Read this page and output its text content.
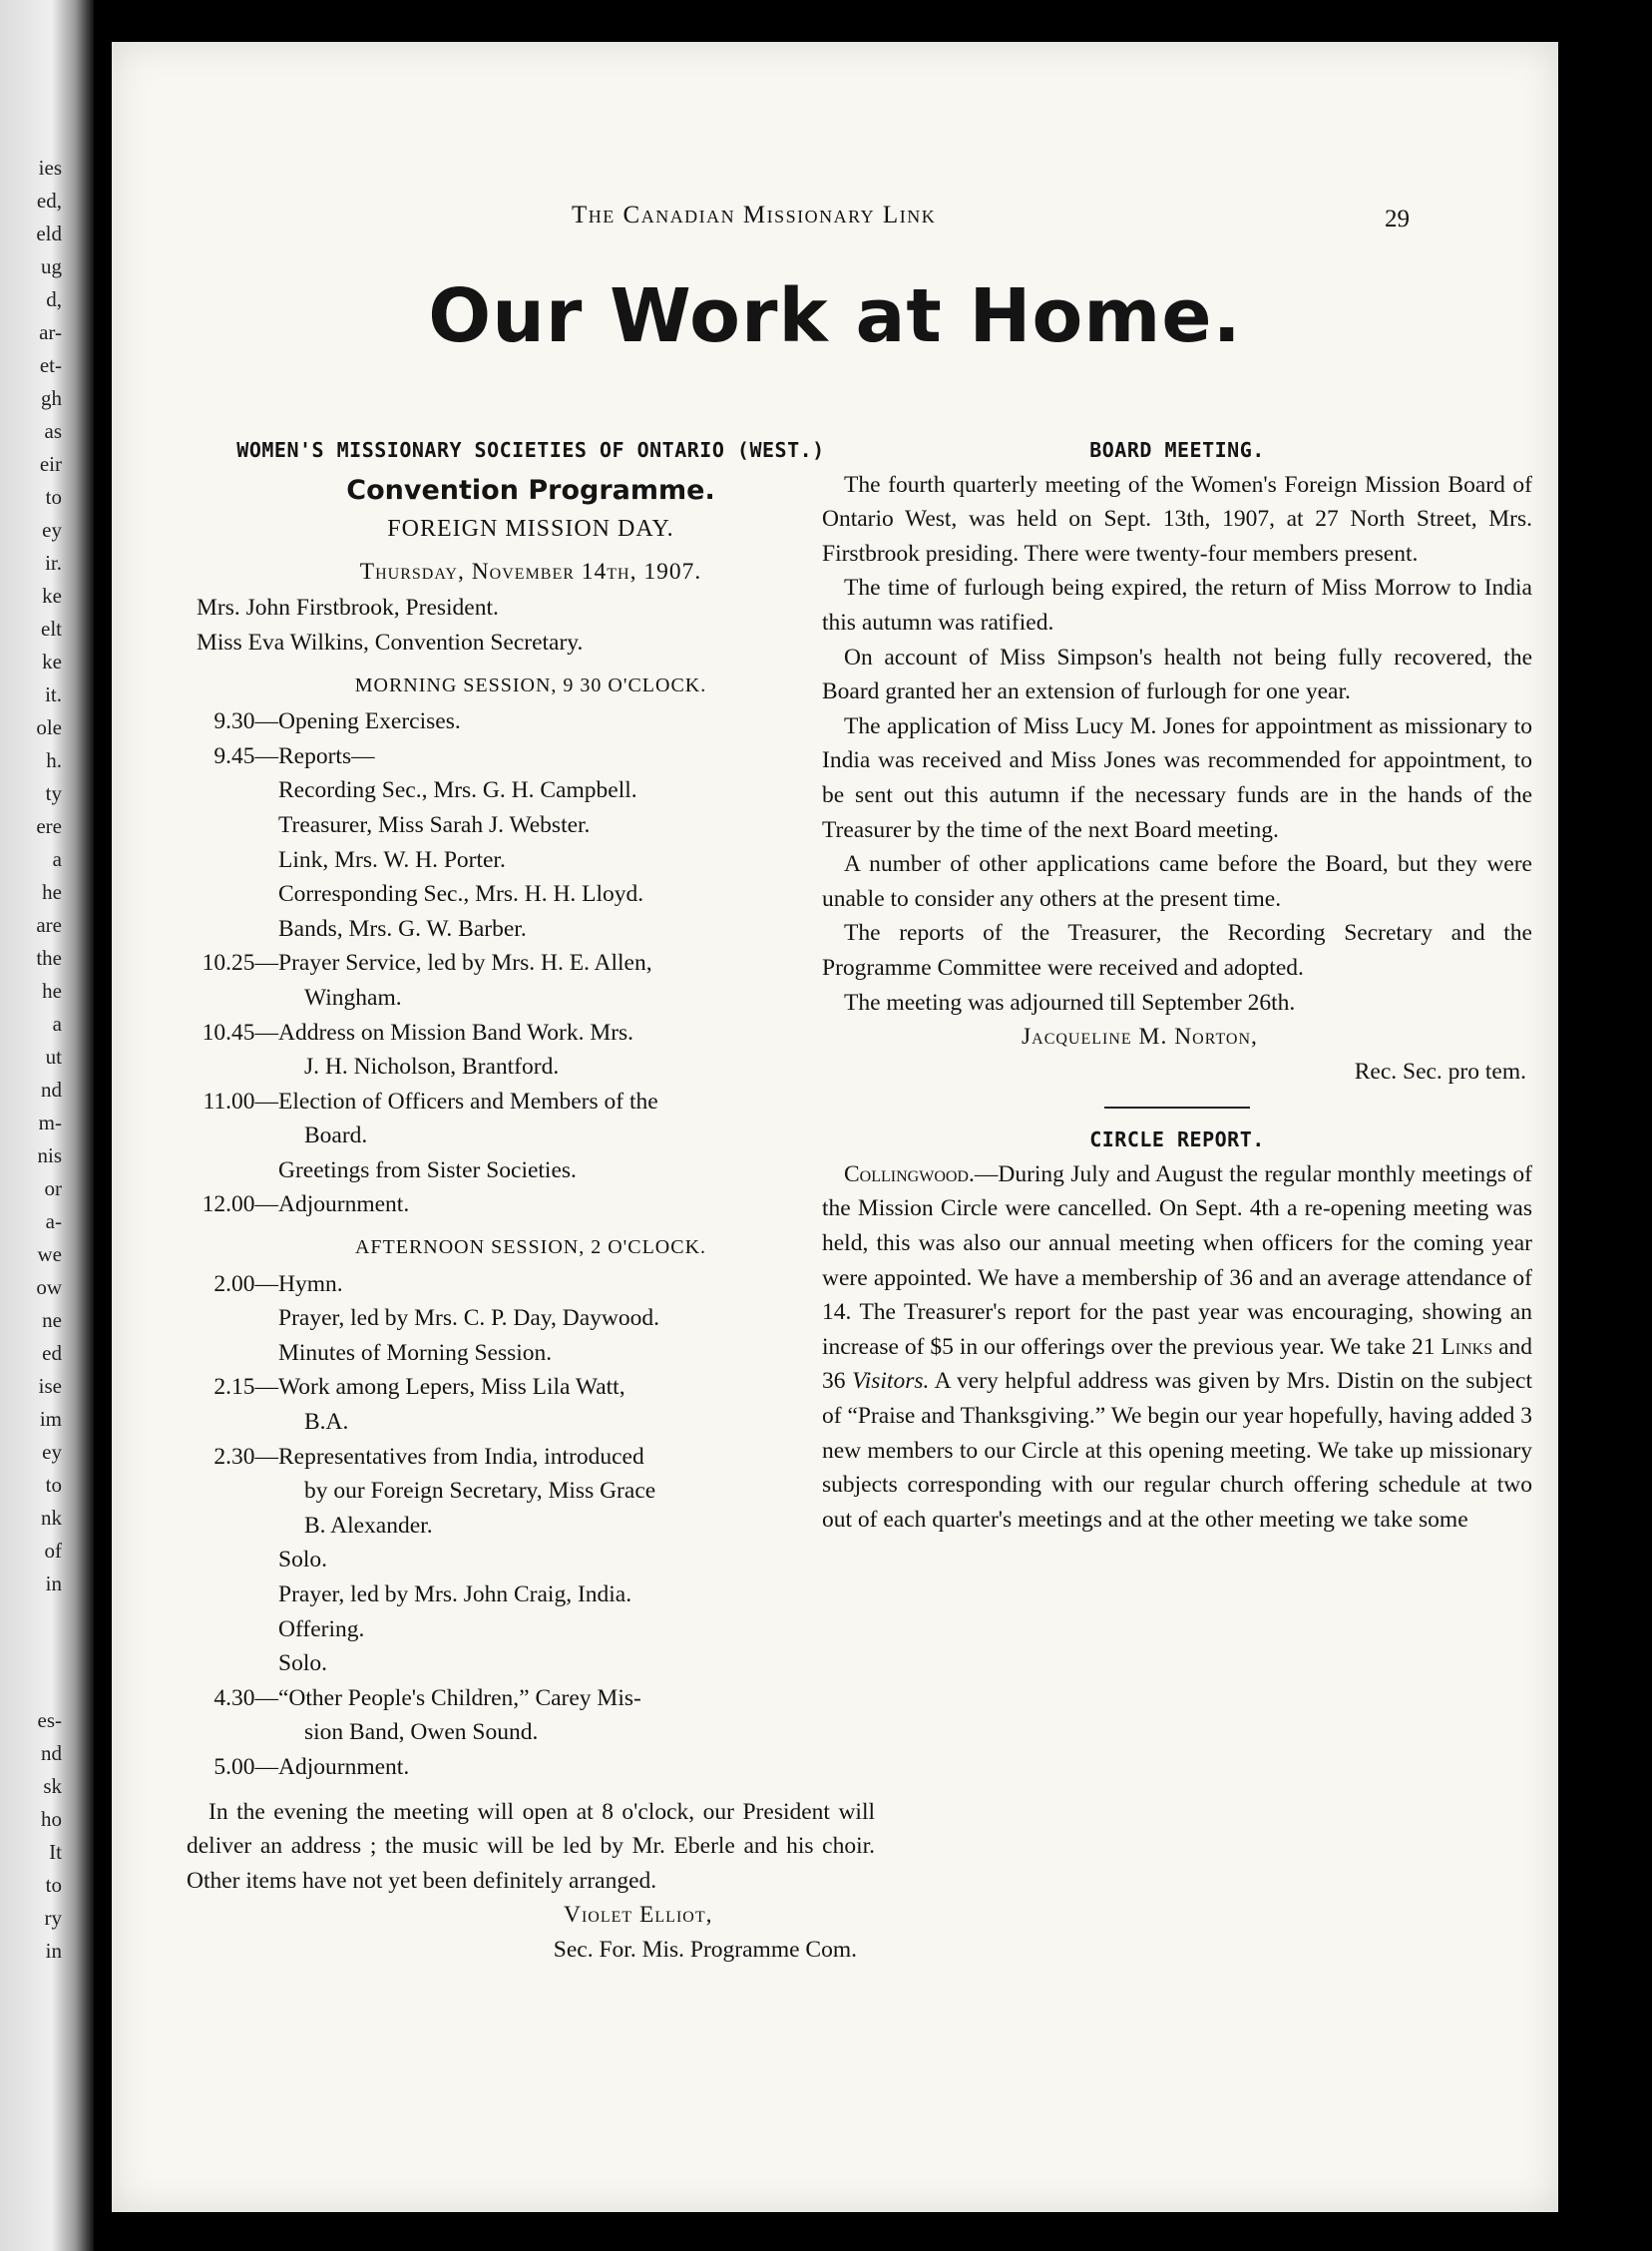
ies
ed,
eld
ug
d,
ar-
et-
gh
as
eir
to
ey
ir.
ke
elt
ke
it.
ole
h.
ty
ere
a
he
are
the
he
a
ut
nd
m-
nis
or
a-
we
ow
ne
ed
ise
im
ey
to
nk
of
in
es-
nd
sk
ho
It
to
ry
in
The Canadian Missionary Link	29
Our Work at Home.
WOMEN'S MISSIONARY SOCIETIES OF ONTARIO (WEST.)
Convention Programme.
FOREIGN MISSION DAY.
Thursday, November 14th, 1907.
Mrs. John Firstbrook, President.
Miss Eva Wilkins, Convention Secretary.
MORNING SESSION, 9 30 O'CLOCK.
9.30— Opening Exercises.
9.45— Reports—
Recording Sec., Mrs. G. H. Campbell.
Treasurer, Miss Sarah J. Webster.
Link, Mrs. W. H. Porter.
Corresponding Sec., Mrs. H. H. Lloyd.
Bands, Mrs. G. W. Barber.
10.25— Prayer Service, led by Mrs. H. E. Allen,
Wingham.
10.45— Address on Mission Band Work. Mrs.
J. H. Nicholson, Brantford.
11.00— Election of Officers and Members of the
Board.
Greetings from Sister Societies.
12.00— Adjournment.
AFTERNOON SESSION, 2 O'CLOCK.
2.00— Hymn.
Prayer, led by Mrs. C. P. Day, Daywood.
Minutes of Morning Session.
2.15— Work among Lepers, Miss Lila Watt,
B.A.
2.30— Representatives from India, introduced
by our Foreign Secretary, Miss Grace
B. Alexander.
Solo.
Prayer, led by Mrs. John Craig, India.
Offering.
Solo.
4.30— “Other People's Children,” Carey Mis-
sion Band, Owen Sound.
5.00— Adjournment.

In the evening the meeting will open at 8 o'clock, our President will deliver an address ; the music will be led by Mr. Eberle and his choir. Other items have not yet been definitely arranged.

Violet Elliot,
Sec. For. Mis. Programme Com.
BOARD MEETING.

The fourth quarterly meeting of the Women's Foreign Mission Board of Ontario West, was held on Sept. 13th, 1907, at 27 North Street, Mrs. Firstbrook presiding. There were twenty-four members present.

The time of furlough being expired, the return of Miss Morrow to India this autumn was ratified.

On account of Miss Simpson's health not being fully recovered, the Board granted her an extension of furlough for one year.

The application of Miss Lucy M. Jones for appointment as missionary to India was received and Miss Jones was recommended for appointment, to be sent out this autumn if the necessary funds are in the hands of the Treasurer by the time of the next Board meeting.

A number of other applications came before the Board, but they were unable to consider any others at the present time.

The reports of the Treasurer, the Recording Secretary and the Programme Committee were received and adopted.

The meeting was adjourned till September 26th.

Jacqueline M. Norton,
Rec. Sec. pro tem.
CIRCLE REPORT.

Collingwood.—During July and August the regular monthly meetings of the Mission Circle were cancelled. On Sept. 4th a re-opening meeting was held, this was also our annual meeting when officers for the coming year were appointed. We have a membership of 36 and an average attendance of 14. The Treasurer's report for the past year was encouraging, showing an increase of $5 in our offerings over the previous year. We take 21 Links and 36 Visitors. A very helpful address was given by Mrs. Distin on the subject of “Praise and Thanksgiving.” We begin our year hopefully, having added 3 new members to our Circle at this opening meeting. We take up missionary subjects corresponding with our regular church offering schedule at two out of each quarter's meetings and at the other meeting we take some
